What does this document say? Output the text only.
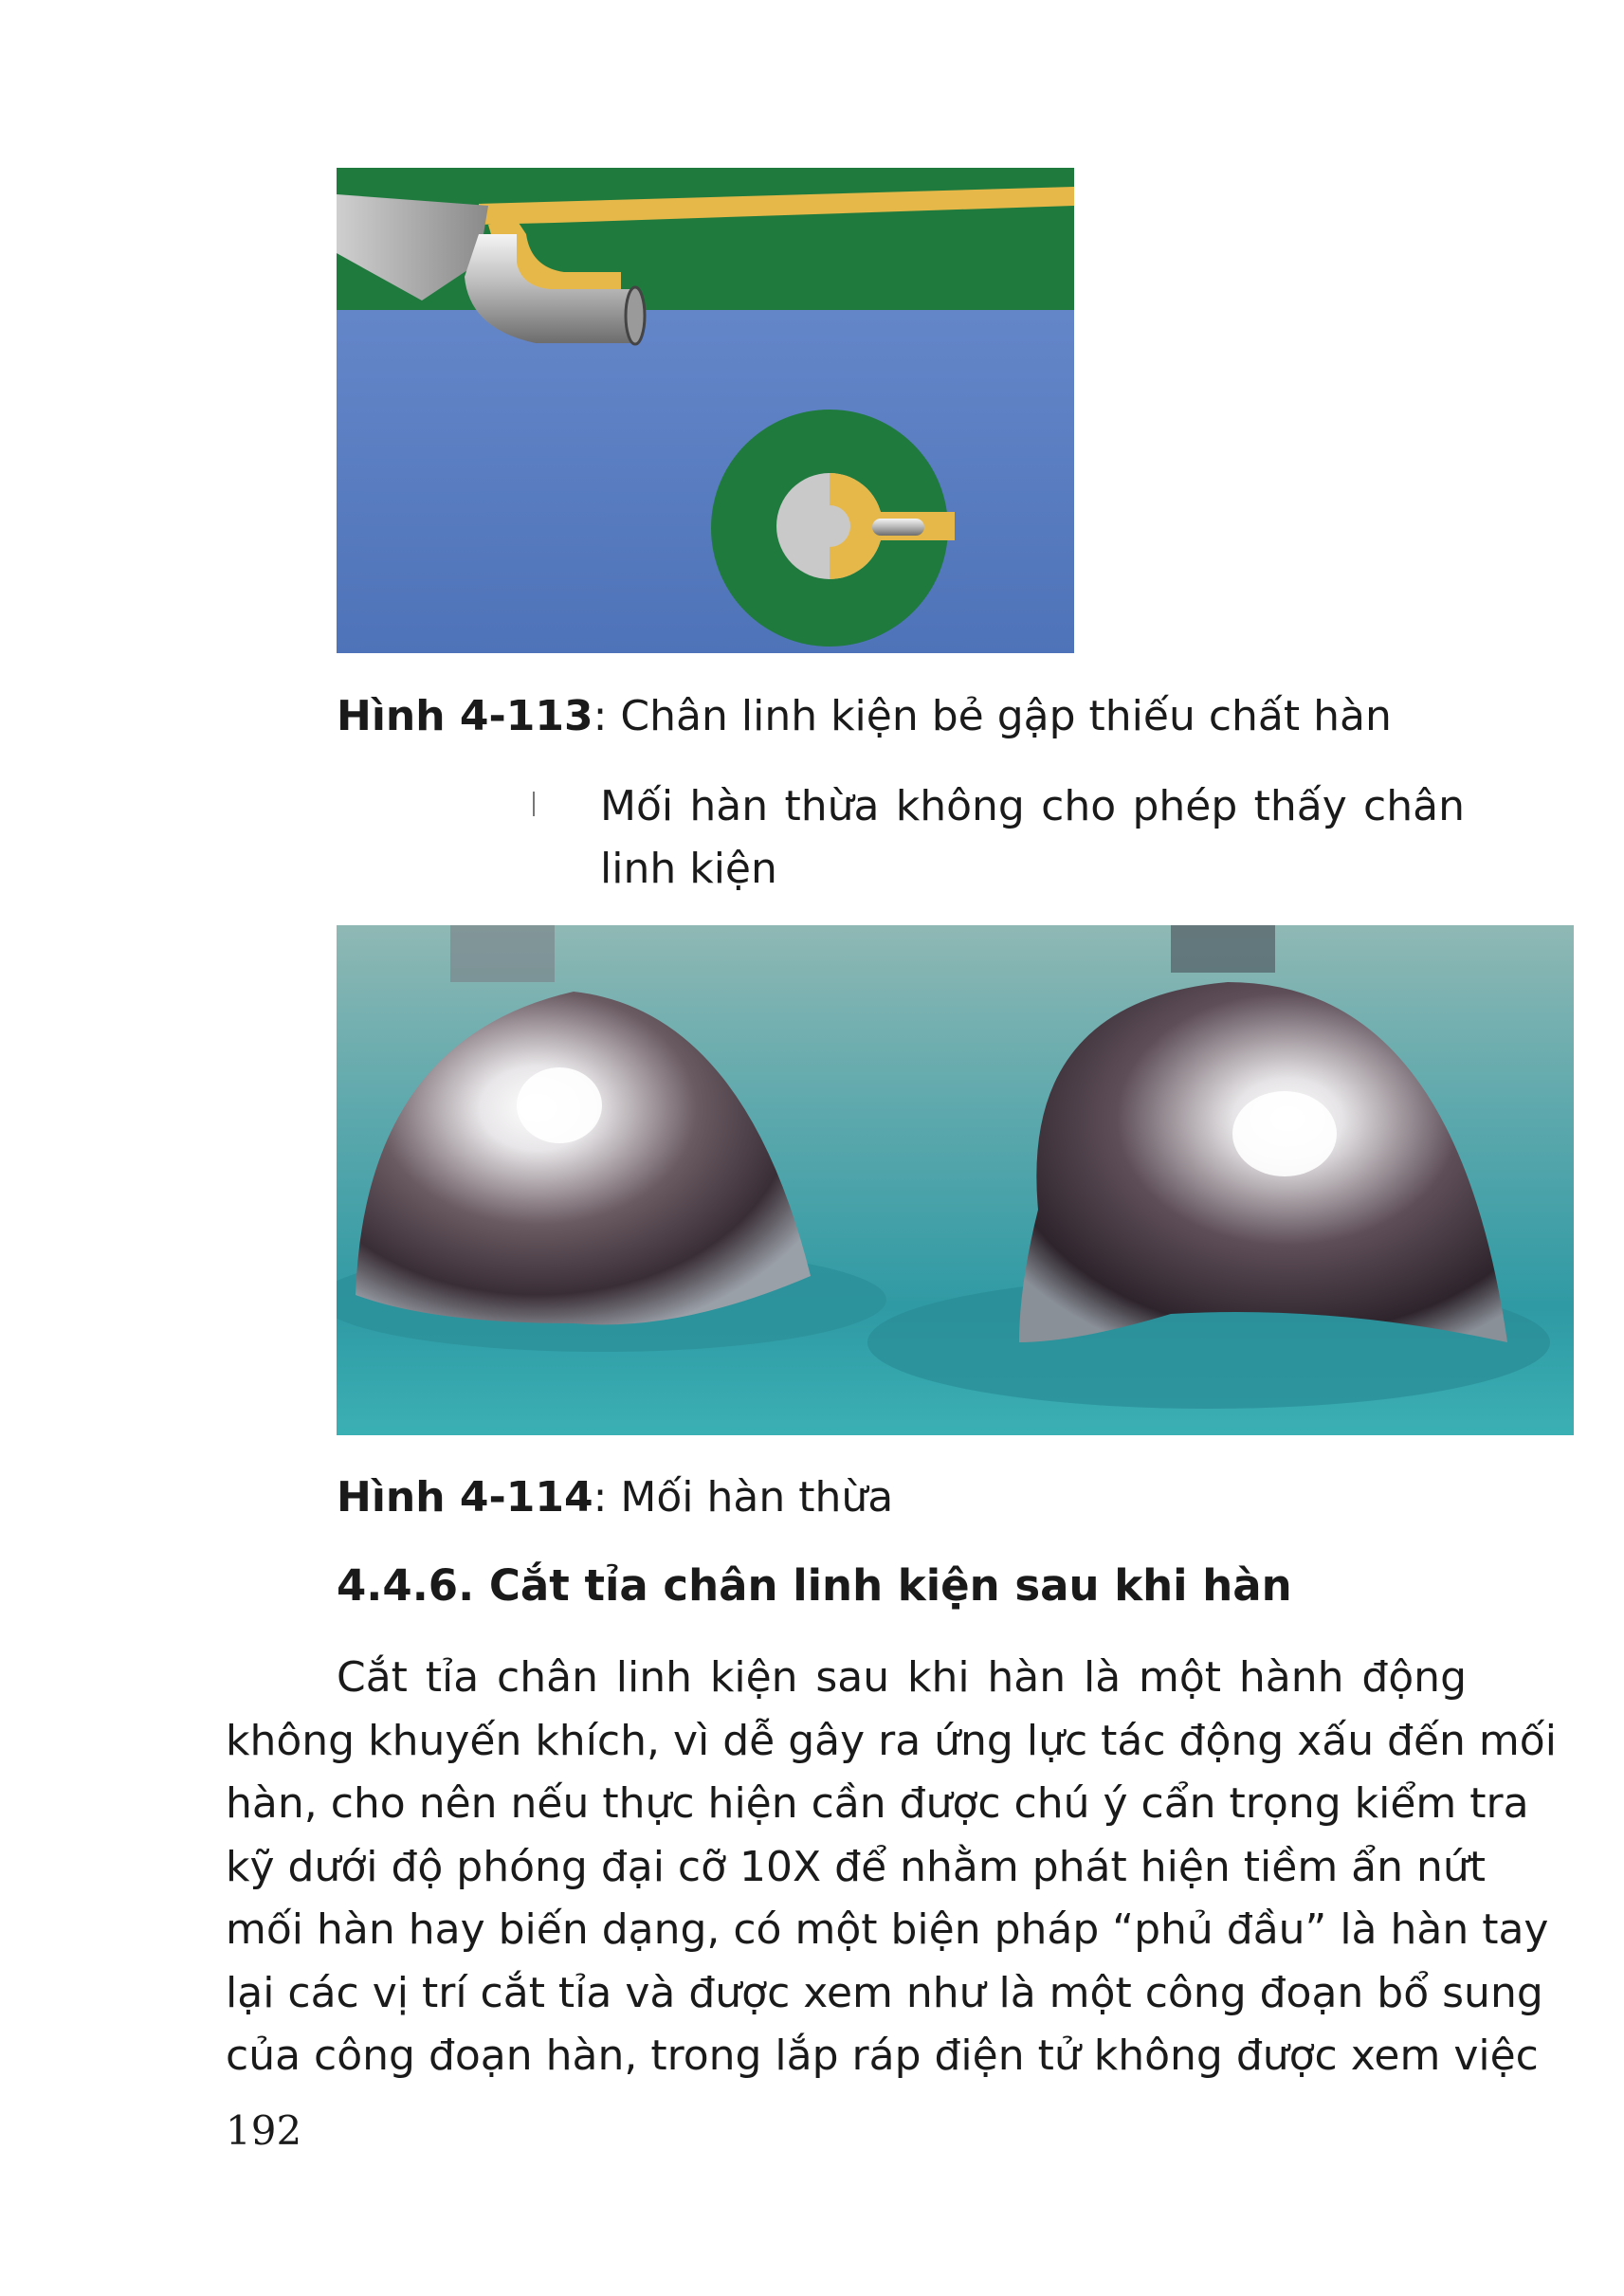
Hình 4-113: Chân linh kiện bẻ gập thiếu chất hàn
Mối hàn thừa không cho phép thấy chân
linh kiện
Hình 4-114: Mối hàn thừa
4.4.6. Cắt tỉa chân linh kiện sau khi hàn
Cắt tỉa chân linh kiện sau khi hàn là một hành động
không khuyến khích, vì dễ gây ra ứng lực tác động xấu đến mối
hàn, cho nên nếu thực hiện cần được chú ý cẩn trọng kiểm tra
kỹ dưới độ phóng đại cỡ 10X để nhằm phát hiện tiềm ẩn nứt
mối hàn hay biến dạng, có một biện pháp “phủ đầu” là hàn tay
lại các vị trí cắt tỉa và được xem như là một công đoạn bổ sung
của công đoạn hàn, trong lắp ráp điện tử không được xem việc
192
